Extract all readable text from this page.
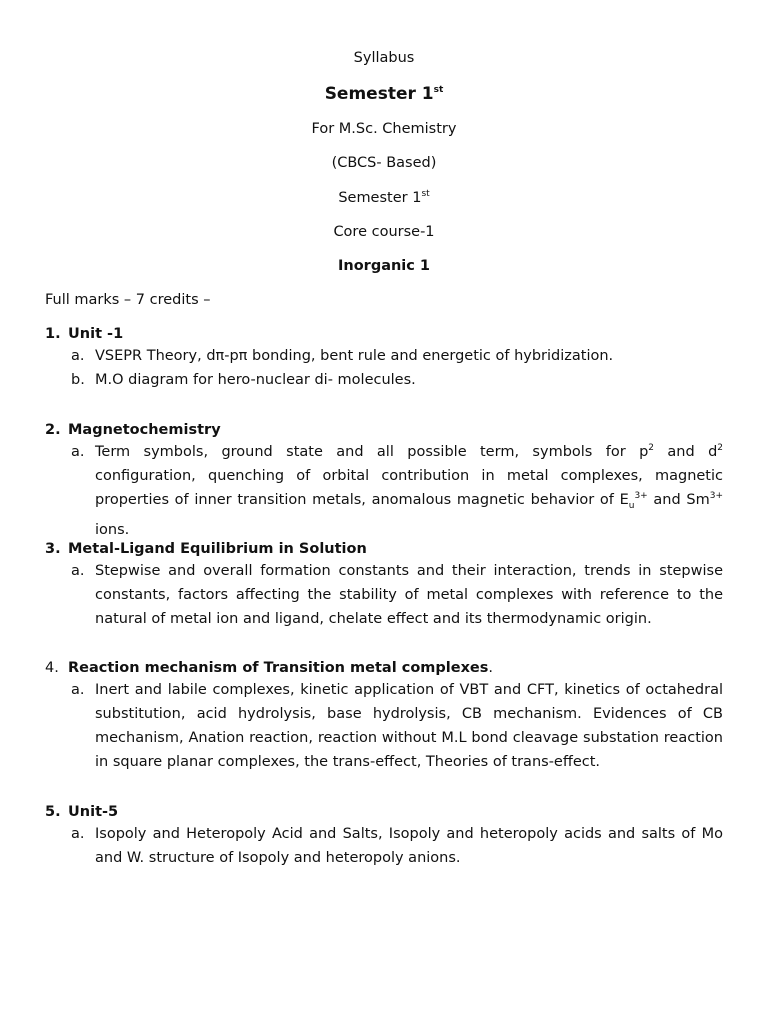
Syllabus
Semester 1st
For M.Sc. Chemistry
(CBCS- Based)
Semester 1st
Core course-1
Inorganic 1
Full marks – 7 credits –
1. Unit -1
a. VSEPR Theory, dπ-pπ bonding, bent rule and energetic of hybridization.
b. M.O diagram for hero-nuclear di- molecules.
2. Magnetochemistry
a. Term symbols, ground state and all possible term, symbols for $p^2$ and $d^2$ configuration, quenching of orbital contribution in metal complexes, magnetic properties of inner transition metals, anomalous magnetic behavior of $E_u^{3+}$ and $Sm^{3+}$ ions.
3. Metal-Ligand Equilibrium in Solution
a. Stepwise and overall formation constants and their interaction, trends in stepwise constants, factors affecting the stability of metal complexes with reference to the natural of metal ion and ligand, chelate effect and its thermodynamic origin.
4. Reaction mechanism of Transition metal complexes.
a. Inert and labile complexes, kinetic application of VBT and CFT, kinetics of octahedral substitution, acid hydrolysis, base hydrolysis, CB mechanism. Evidences of CB mechanism, Anation reaction, reaction without M.L bond cleavage substation reaction in square planar complexes, the trans-effect, Theories of trans-effect.
5. Unit-5
a. Isopoly and Heteropoly Acid and Salts, Isopoly and heteropoly acids and salts of Mo and W. structure of Isopoly and heteropoly anions.
